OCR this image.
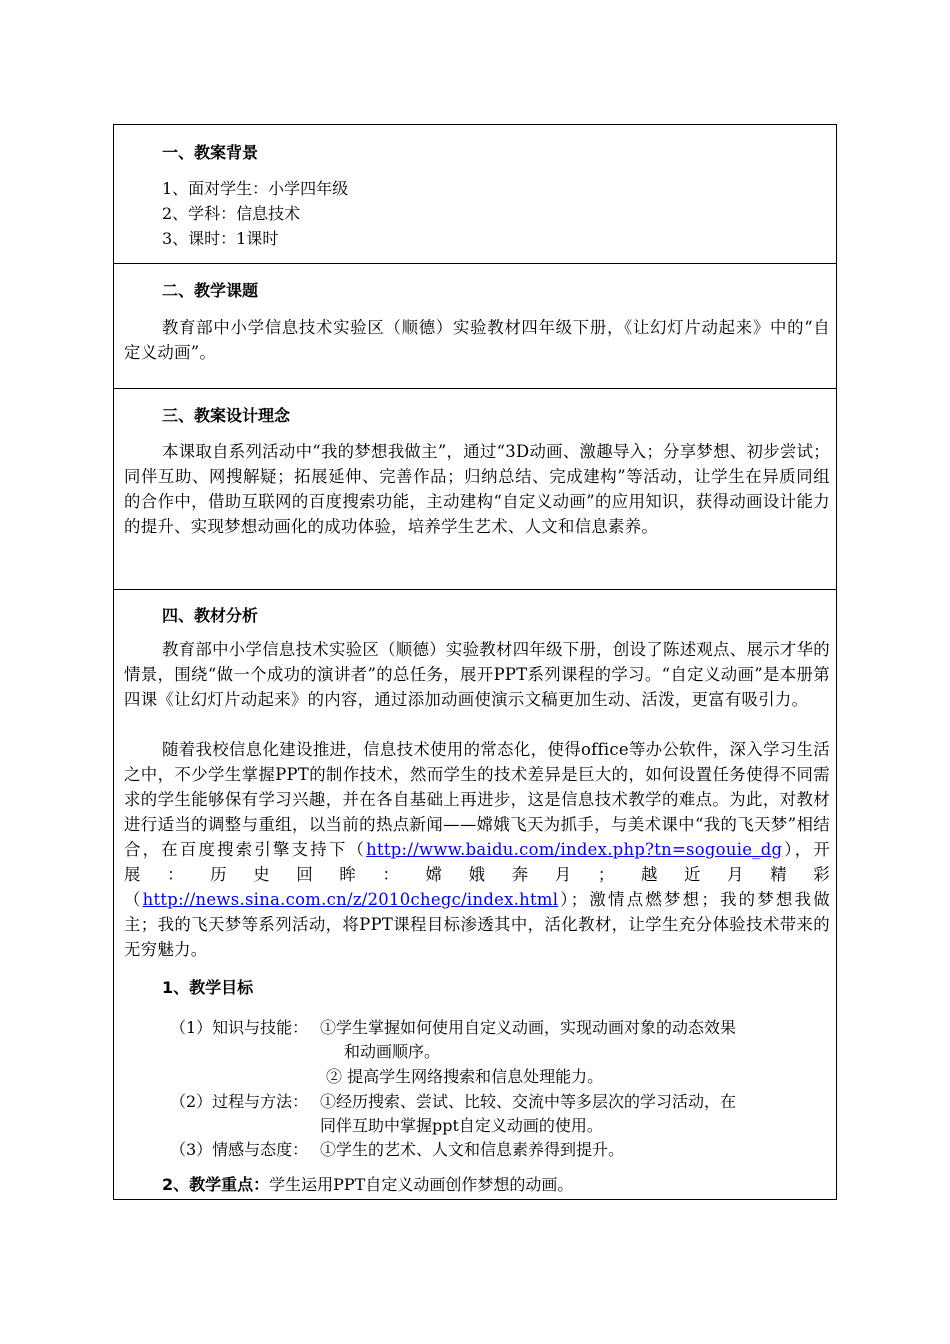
一、教案背景
1、面对学生：小学四年级
2、学科：信息技术
3、课时：1课时
二、教学课题
教育部中小学信息技术实验区（顺德）实验教材四年级下册，《让幻灯片动起来》中的“自定义动画”。
三、教案设计理念
本课取自系列活动中“我的梦想我做主”，通过“3D动画、激趣导入；分享梦想、初步尝试；同伴互助、网搜解疑；拓展延伸、完善作品；归纳总结、完成建构”等活动，让学生在异质同组的合作中，借助互联网的百度搜索功能，主动建构“自定义动画”的应用知识，获得动画设计能力的提升、实现梦想动画化的成功体验，培养学生艺术、人文和信息素养。
四、教材分析
教育部中小学信息技术实验区（顺德）实验教材四年级下册，创设了陈述观点、展示才华的情景，围绕“做一个成功的演讲者”的总任务，展开PPT系列课程的学习。“自定义动画”是本册第四课《让幻灯片动起来》的内容，通过添加动画使演示文稿更加生动、活泼，更富有吸引力。
随着我校信息化建设推进，信息技术使用的常态化，使得office等办公软件，深入学习生活之中，不少学生掌握PPT的制作技术，然而学生的技术差异是巨大的，如何设置任务使得不同需求的学生能够保有学习兴趣，并在各自基础上再进步，这是信息技术教学的难点。为此，对教材进行适当的调整与重组，以当前的热点新闻——嫦娥飞天为抓手，与美术课中“我的飞天梦”相结合，在百度搜索引擎支持下（http://www.baidu.com/index.php?tn=sogouie_dg），开展：历史回眸：嫦娥奔月；越近月精彩（http://news.sina.com.cn/z/2010chegc/index.html）；激情点燃梦想；我的梦想我做主；我的飞天梦等系列活动，将PPT课程目标渗透其中，活化教材，让学生充分体验技术带来的无穷魅力。
1、教学目标
（1）知识与技能： ①学生掌握如何使用自定义动画，实现动画对象的动态效果
和动画顺序。
② 提高学生网络搜索和信息处理能力。
（2）过程与方法： ①经历搜索、尝试、比较、交流中等多层次的学习活动，在
同伴互助中掌握ppt自定义动画的使用。
（3）情感与态度： ①学生的艺术、人文和信息素养得到提升。
2、教学重点：学生运用PPT自定义动画创作梦想的动画。
